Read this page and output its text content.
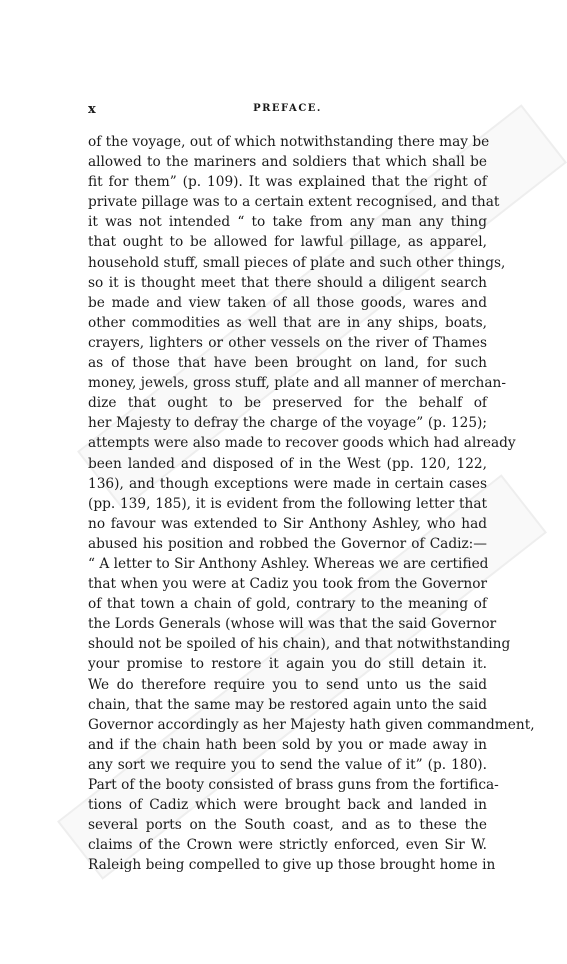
x	PREFACE.
of the voyage, out of which notwithstanding there may be
allowed to the mariners and soldiers that which shall be
fit for them” (p. 109). It was explained that the right of
private pillage was to a certain extent recognised, and that
it was not intended “ to take from any man any thing
that ought to be allowed for lawful pillage, as apparel,
household stuff, small pieces of plate and such other things,
so it is thought meet that there should a diligent search
be made and view taken of all those goods, wares and
other commodities as well that are in any ships, boats,
crayers, lighters or other vessels on the river of Thames
as of those that have been brought on land, for such
money, jewels, gross stuff, plate and all manner of merchan-
dize that ought to be preserved for the behalf of
her Majesty to defray the charge of the voyage” (p. 125);
attempts were also made to recover goods which had already
been landed and disposed of in the West (pp. 120, 122,
136), and though exceptions were made in certain cases
(pp. 139, 185), it is evident from the following letter that
no favour was extended to Sir Anthony Ashley, who had
abused his position and robbed the Governor of Cadiz:—
“ A letter to Sir Anthony Ashley. Whereas we are certified
that when you were at Cadiz you took from the Governor
of that town a chain of gold, contrary to the meaning of
the Lords Generals (whose will was that the said Governor
should not be spoiled of his chain), and that notwithstanding
your promise to restore it again you do still detain it.
We do therefore require you to send unto us the said
chain, that the same may be restored again unto the said
Governor accordingly as her Majesty hath given commandment,
and if the chain hath been sold by you or made away in
any sort we require you to send the value of it” (p. 180).
Part of the booty consisted of brass guns from the fortifica-
tions of Cadiz which were brought back and landed in
several ports on the South coast, and as to these the
claims of the Crown were strictly enforced, even Sir W.
Raleigh being compelled to give up those brought home in
